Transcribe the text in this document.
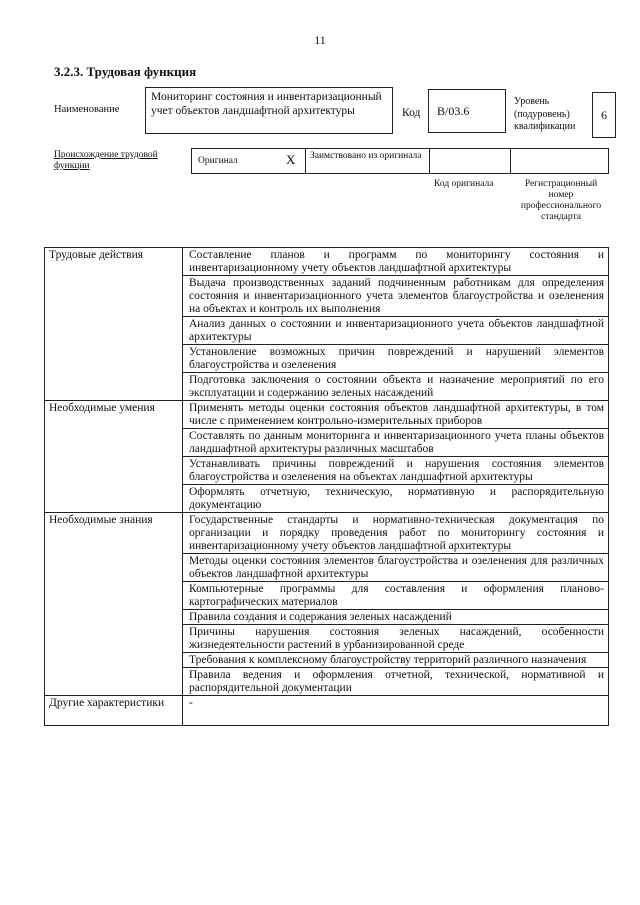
11
3.2.3. Трудовая функция
Наименование
Мониторинг состояния и инвентаризационный учет объектов ландшафтной архитектуры	Код B/03.6
Уровень (подуровень) квалификации
6
Происхождение трудовой функции	Оригинал	X Заимствовано из оригинала
Код оригинала	Регистрационный номер профессионального стандарта
Трудовые действия	Составление планов и программ по мониторингу состояния и инвентаризационному учету объектов ландшафтной архитектуры
	Выдача производственных заданий подчиненным работникам для определения состояния и инвентаризационного учета элементов благоустройства и озеленения на объектах и контроль их выполнения
	Анализ данных о состоянии и инвентаризационного учета объектов ландшафтной архитектуры
	Установление возможных причин повреждений и нарушений элементов благоустройства и озеленения
	Подготовка заключения о состоянии объекта и назначение мероприятий по его эксплуатации и содержанию зеленых насаждений
Необходимые умения	Применять методы оценки состояния объектов ландшафтной архитектуры, в том числе с применением контрольно-измерительных приборов
	Составлять по данным мониторинга и инвентаризационного учета планы объектов ландшафтной архитектуры различных масштабов
	Устанавливать причины повреждений и нарушения состояния элементов благоустройства и озеленения на объектах ландшафтной архитектуры
	Оформлять отчетную, техническую, нормативную и распорядительную документацию
Необходимые знания	Государственные стандарты и нормативно-техническая документация по организации и порядку проведения работ по мониторингу состояния и инвентаризационному учету объектов ландшафтной архитектуры
	Методы оценки состояния элементов благоустройства и озеленения для различных объектов ландшафтной архитектуры
	Компьютерные программы для составления и оформления планово-картографических материалов
	Правила создания и содержания зеленых насаждений
	Причины нарушения состояния зеленых насаждений, особенности жизнедеятельности растений в урбанизированной среде
	Требования к комплексному благоустройству территорий различного назначения
	Правила ведения и оформления отчетной, технической, нормативной и распорядительной документации
Другие характеристики	-
